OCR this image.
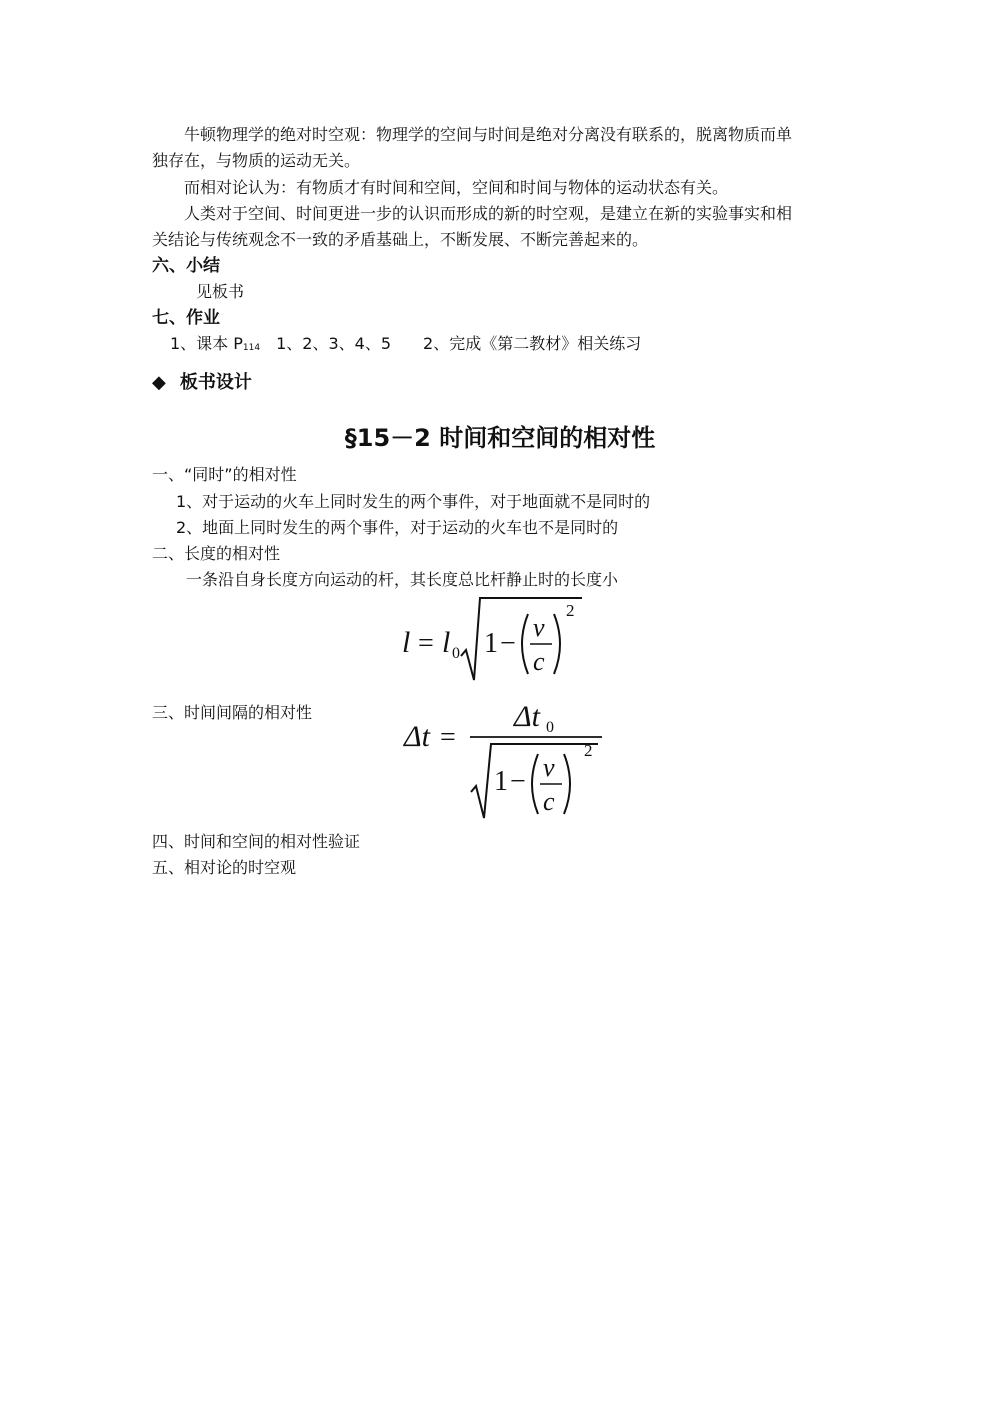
　　牛顿物理学的绝对时空观：物理学的空间与时间是绝对分离没有联系的，脱离物质而单
独存在，与物质的运动无关。
　　而相对论认为：有物质才有时间和空间，空间和时间与物体的运动状态有关。
　　人类对于空间、时间更进一步的认识而形成的新的时空观，是建立在新的实验事实和相
关结论与传统观念不一致的矛盾基础上，不断发展、不断完善起来的。
六、小结
见板书
七、作业
1、课本 $P_{114}$　1、2、3、4、5　　2、完成《第二教材》相关练习
◆ 板书设计
§15－2 时间和空间的相对性
一、“同时”的相对性
1、对于运动的火车上同时发生的两个事件，对于地面就不是同时的
2、地面上同时发生的两个事件，对于运动的火车也不是同时的
二、长度的相对性
一条沿自身长度方向运动的杆，其长度总比杆静止时的长度小
l = l 0 1 −
v
c
2
三、时间间隔的相对性
Δt =
Δt 0
1 − v
c
2
四、时间和空间的相对性验证
五、相对论的时空观
